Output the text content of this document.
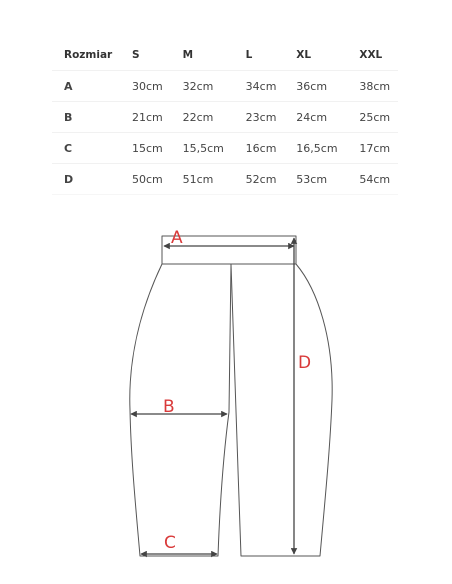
Rozmiar	S	M	L	XL	XXL
A	30cm	32cm	34cm	36cm	38cm
B	21cm	22cm	23cm	24cm	25cm
C	15cm	15,5cm	16cm	16,5cm	17cm
D	50cm	51cm	52cm	53cm	54cm
A
B
C
D
